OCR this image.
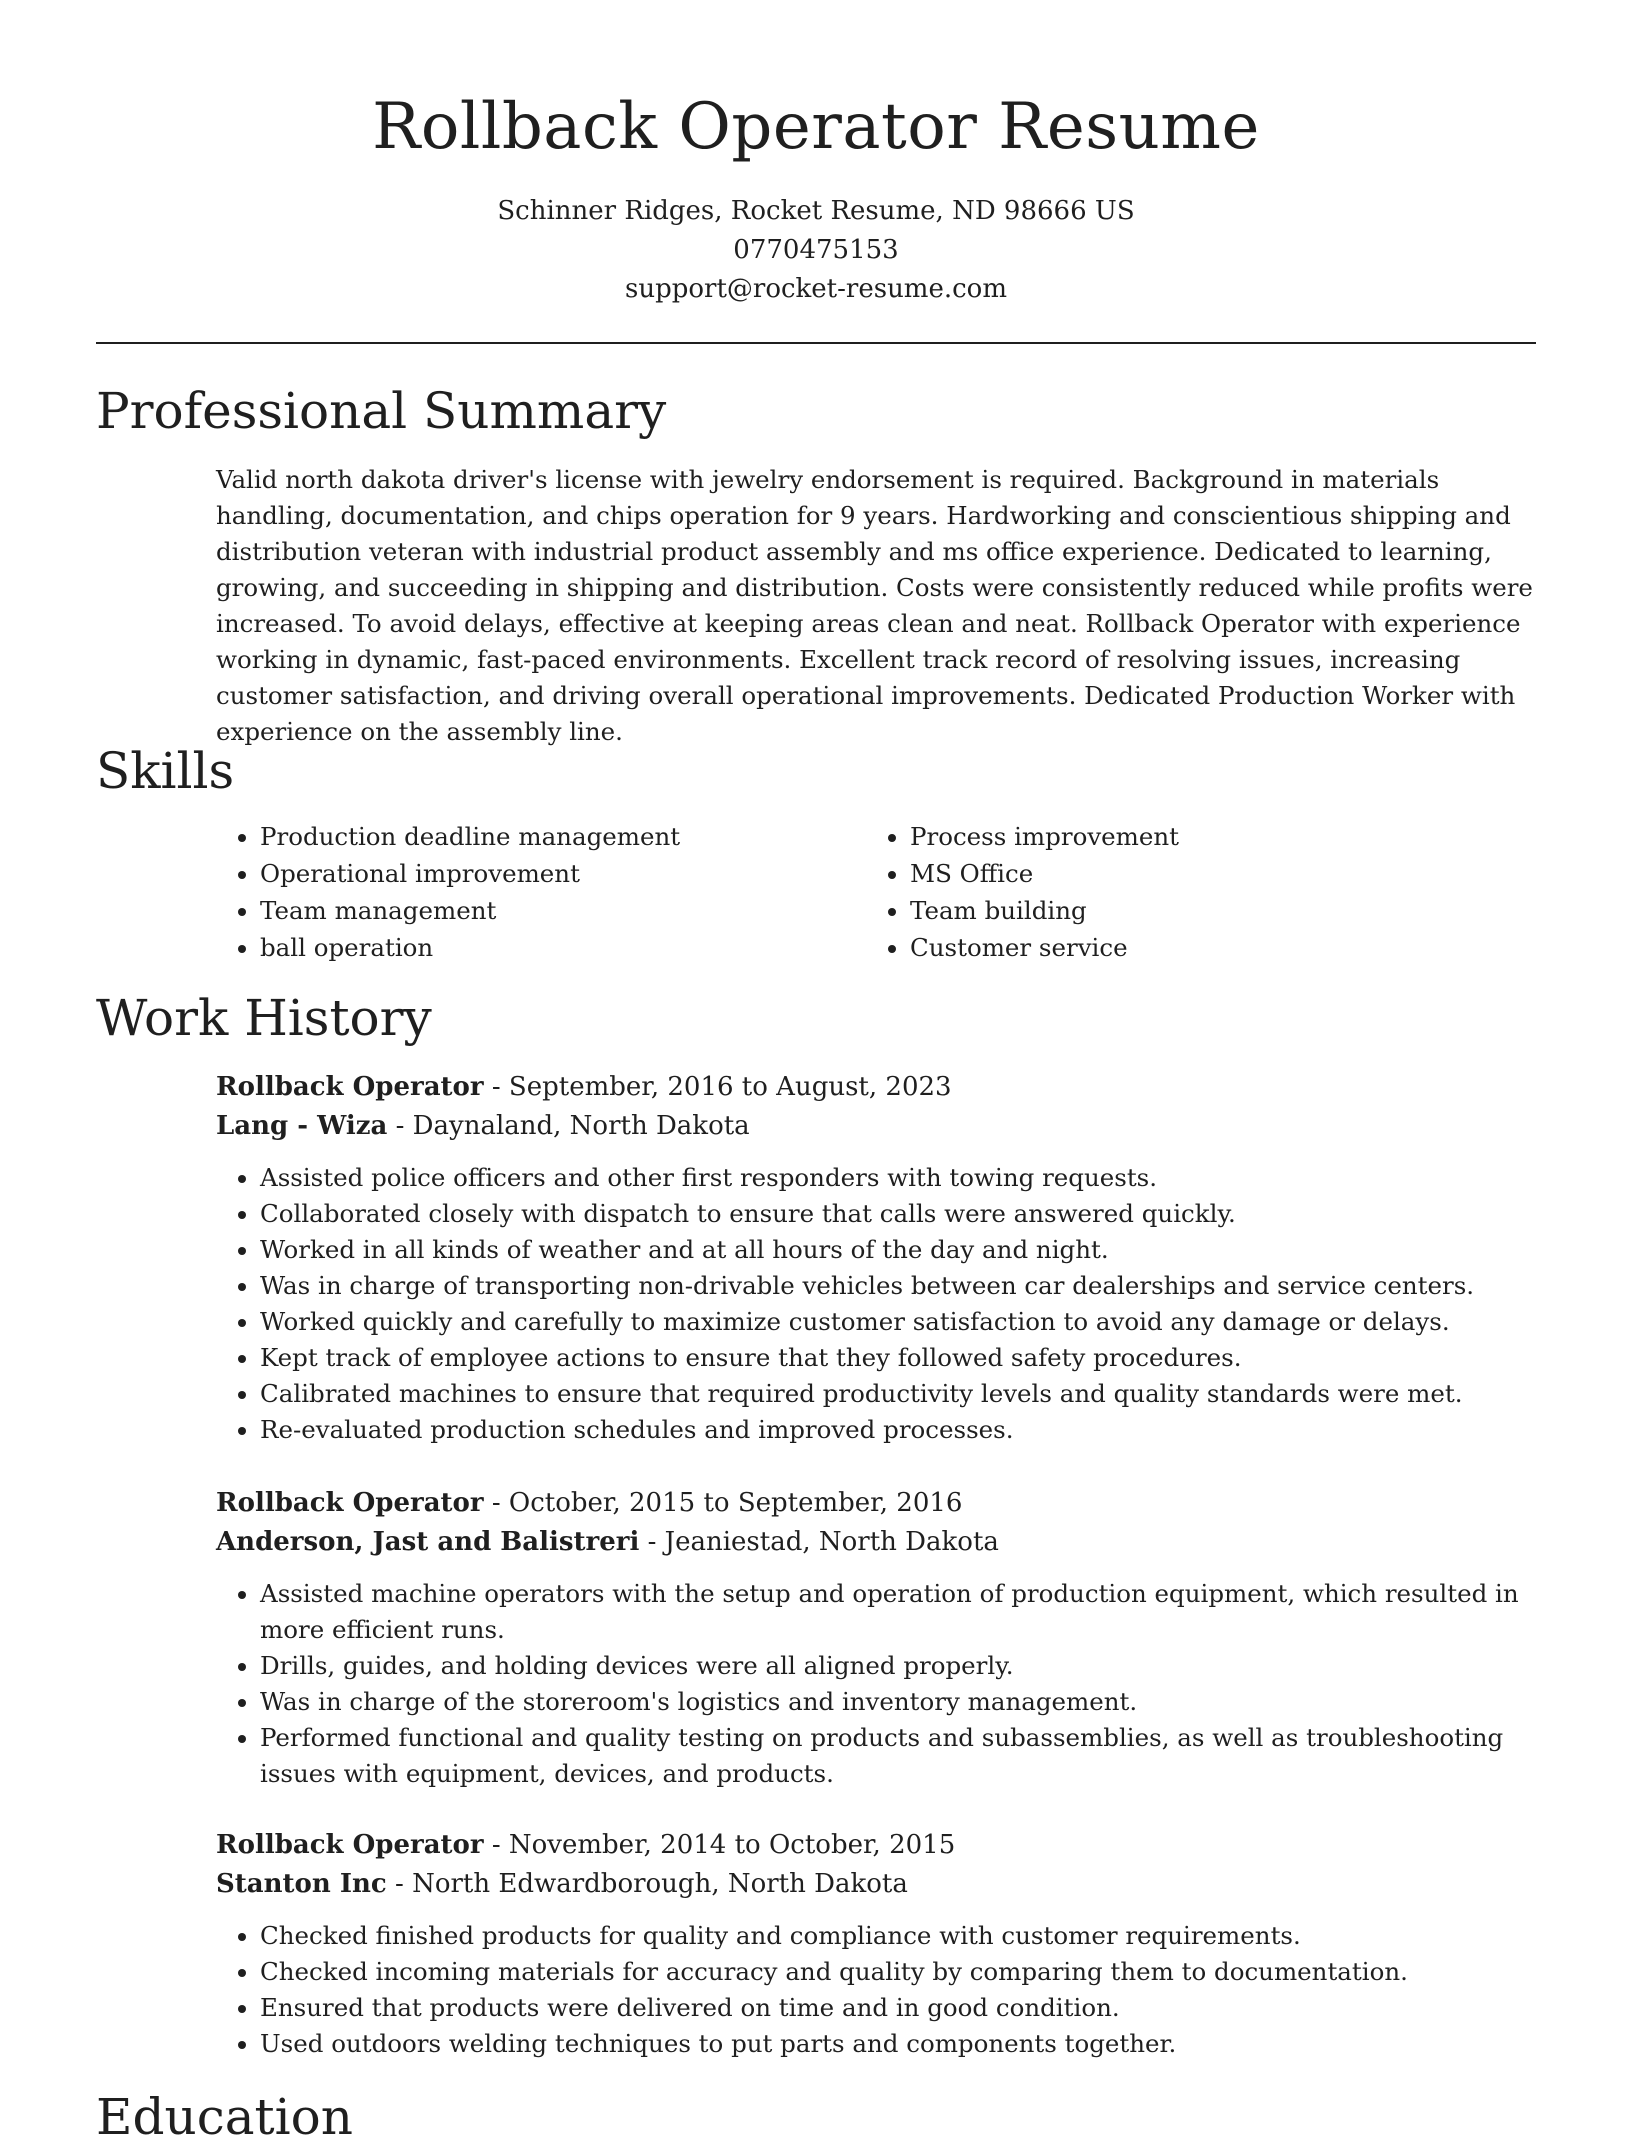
Rollback Operator Resume

Schinner Ridges, Rocket Resume, ND 98666 US

0770475153

support@rocket-resume.com

Professional Summary

Valid north dakota driver's license with jewelry endorsement is required. Background in materials handling, documentation, and chips operation for 9 years. Hardworking and conscientious shipping and distribution veteran with industrial product assembly and ms office experience. Dedicated to learning, growing, and succeeding in shipping and distribution. Costs were consistently reduced while profits were increased. To avoid delays, effective at keeping areas clean and neat. Rollback Operator with experience working in dynamic, fast-paced environments. Excellent track record of resolving issues, increasing customer satisfaction, and driving overall operational improvements. Dedicated Production Worker with experience on the assembly line.

Skills
• Production deadline management
• Operational improvement
• Team management
• ball operation
• Process improvement
• MS Office
• Team building
• Customer service
Work History

Rollback Operator - September, 2016 to August, 2023

Lang - Wiza - Daynaland, North Dakota

• Assisted police officers and other first responders with towing requests.
• Collaborated closely with dispatch to ensure that calls were answered quickly.
• Worked in all kinds of weather and at all hours of the day and night.
• Was in charge of transporting non-drivable vehicles between car dealerships and service centers.
• Worked quickly and carefully to maximize customer satisfaction to avoid any damage or delays.
• Kept track of employee actions to ensure that they followed safety procedures.
• Calibrated machines to ensure that required productivity levels and quality standards were met.
• Re-evaluated production schedules and improved processes.

Rollback Operator - October, 2015 to September, 2016

Anderson, Jast and Balistreri - Jeaniestad, North Dakota

• Assisted machine operators with the setup and operation of production equipment, which resulted in more efficient runs.
• Drills, guides, and holding devices were all aligned properly.
• Was in charge of the storeroom's logistics and inventory management.
• Performed functional and quality testing on products and subassemblies, as well as troubleshooting issues with equipment, devices, and products.

Rollback Operator - November, 2014 to October, 2015

Stanton Inc - North Edwardborough, North Dakota

• Checked finished products for quality and compliance with customer requirements.
• Checked incoming materials for accuracy and quality by comparing them to documentation.
• Ensured that products were delivered on time and in good condition.
• Used outdoors welding techniques to put parts and components together.
Education
